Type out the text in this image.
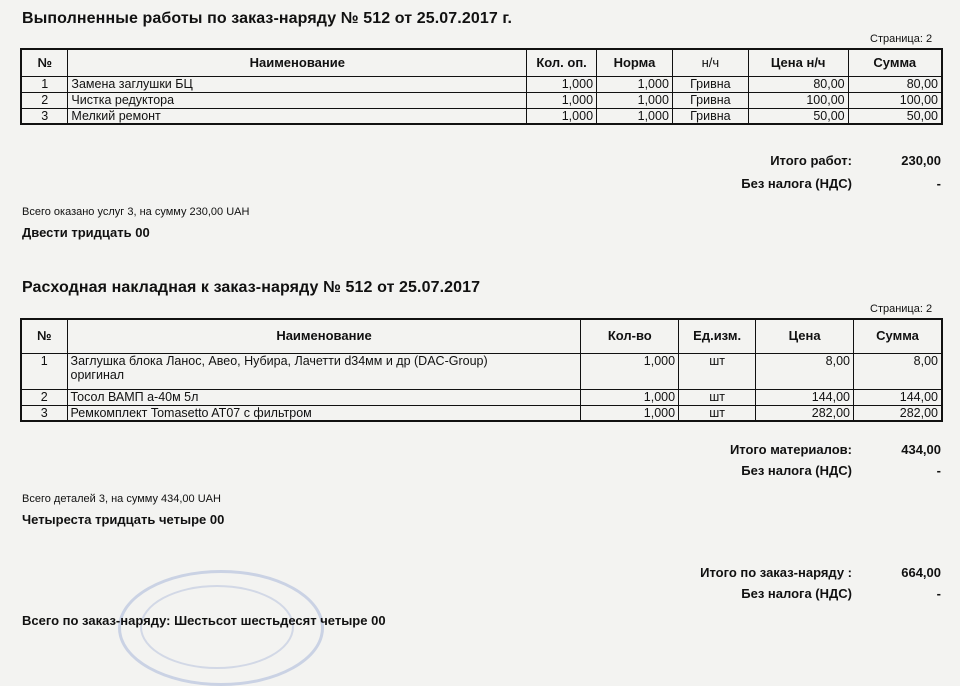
Выполненные работы по заказ-наряду № 512 от 25.07.2017 г.
Страница: 2
№	Наименование	Кол. оп.	Норма	н/ч	Цена н/ч	Сумма
1	Замена заглушки БЦ	1,000	1,000	Гривна	80,00	80,00
2	Чистка редуктора	1,000	1,000	Гривна	100,00	100,00
3	Мелкий ремонт	1,000	1,000	Гривна	50,00	50,00
Итого работ:	230,00
Без налога (НДС)	-
Всего оказано услуг 3, на сумму 230,00 UAH
Двести тридцать 00
Расходная накладная к заказ-наряду № 512 от 25.07.2017
Страница: 2
№	Наименование	Кол-во	Ед.изм.	Цена	Сумма
1	Заглушка блока Ланос, Авео, Нубира, Лачетти d34мм и др (DAC-Group) оригинал	1,000	шт	8,00	8,00
2	Тосол ВАМП а-40м 5л	1,000	шт	144,00	144,00
3	Ремкомплект Tomasetto AT07 с фильтром	1,000	шт	282,00	282,00
Итого материалов:	434,00
Без налога (НДС)	-
Всего деталей 3, на сумму 434,00 UAH
Четыреста тридцать четыре 00
Итого по заказ-наряду :	664,00
Без налога (НДС)	-
Всего по заказ-наряду: Шестьсот шестьдесят четыре 00
